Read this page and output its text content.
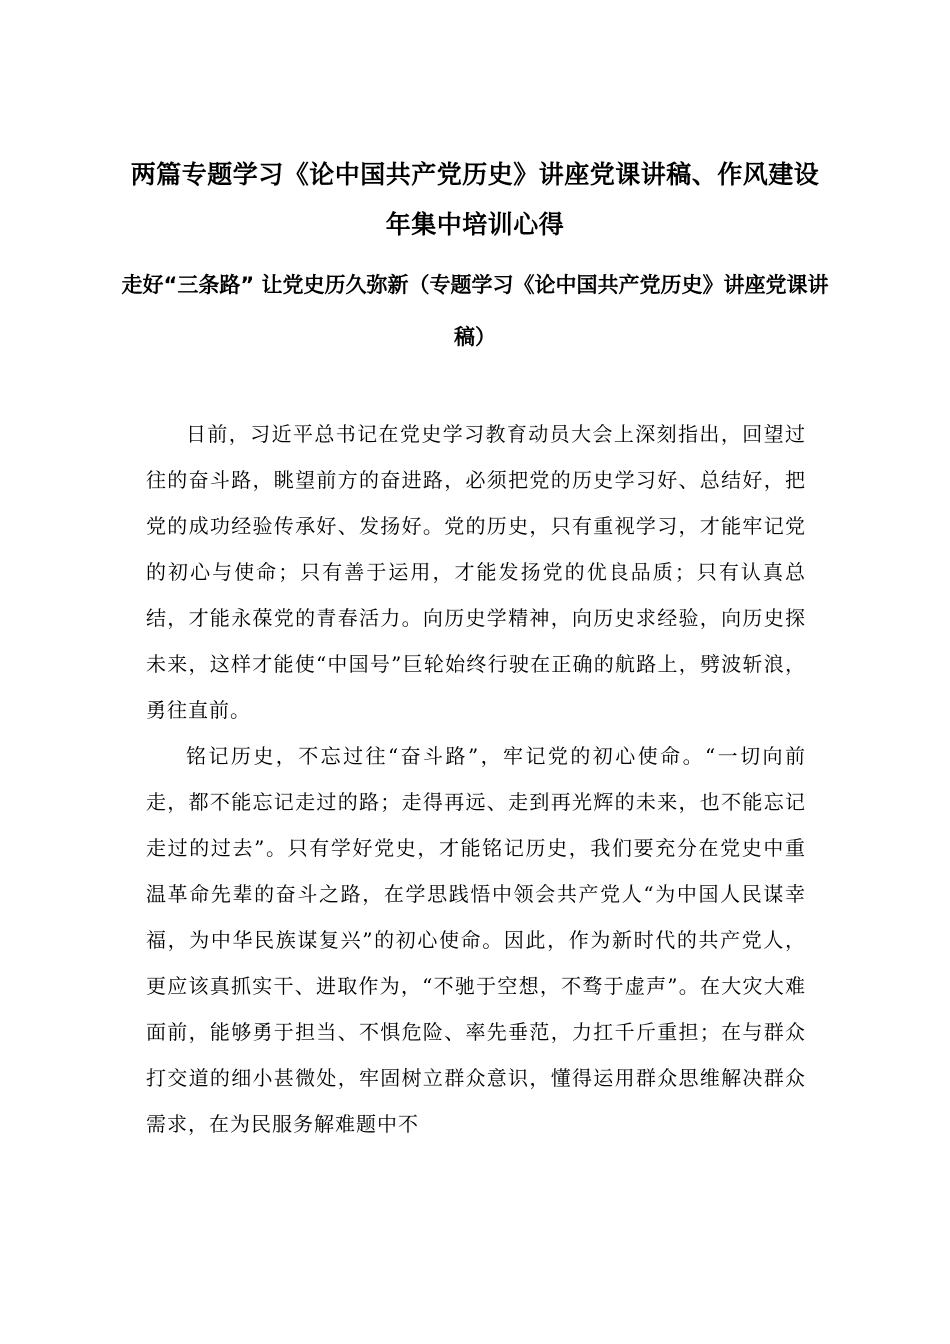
两篇专题学习《论中国共产党历史》讲座党课讲稿、作风建设年集中培训心得
走好“三条路” 让党史历久弥新（专题学习《论中国共产党历史》讲座党课讲稿）

日前，习近平总书记在党史学习教育动员大会上深刻指出，回望过往的奋斗路，眺望前方的奋进路，必须把党的历史学习好、总结好，把党的成功经验传承好、发扬好。党的历史，只有重视学习，才能牢记党的初心与使命；只有善于运用，才能发扬党的优良品质；只有认真总结，才能永葆党的青春活力。向历史学精神，向历史求经验，向历史探未来，这样才能使“中国号”巨轮始终行驶在正确的航路上，劈波斩浪，勇往直前。

铭记历史，不忘过往“奋斗路”，牢记党的初心使命。“一切向前走，都不能忘记走过的路；走得再远、走到再光辉的未来，也不能忘记走过的过去”。只有学好党史，才能铭记历史，我们要充分在党史中重温革命先辈的奋斗之路，在学思践悟中领会共产党人“为中国人民谋幸福，为中华民族谋复兴”的初心使命。因此，作为新时代的共产党人，更应该真抓实干、进取作为，“不驰于空想，不骛于虚声”。在大灾大难面前，能够勇于担当、不惧危险、率先垂范，力扛千斤重担；在与群众打交道的细小甚微处，牢固树立群众意识，懂得运用群众思维解决群众需求，在为民服务解难题中不
